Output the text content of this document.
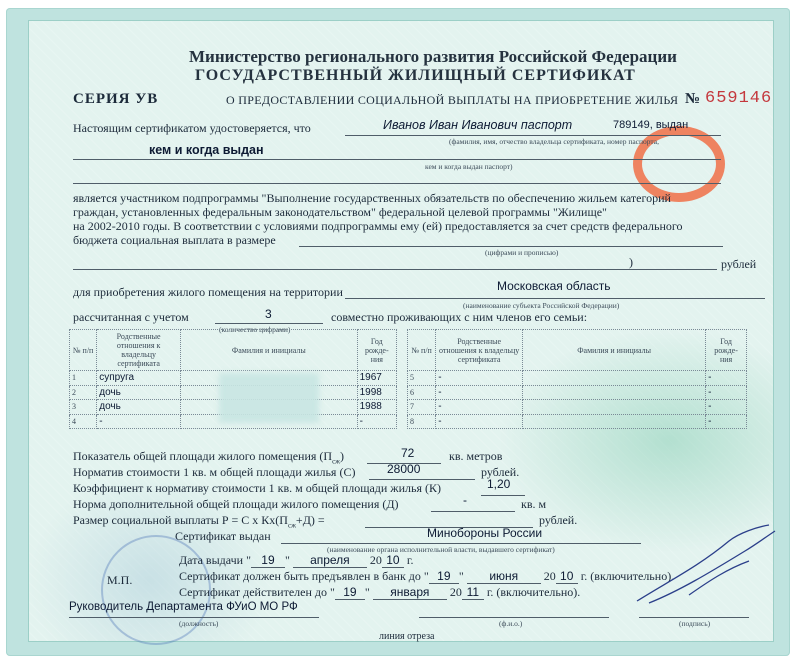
Министерство регионального развития Российской Федерации
ГОСУДАРСТВЕННЫЙ ЖИЛИЩНЫЙ СЕРТИФИКАТ
СЕРИЯ УВ	О ПРЕДОСТАВЛЕНИИ СОЦИАЛЬНОЙ ВЫПЛАТЫ НА ПРИОБРЕТЕНИЕ ЖИЛЬЯ № 659146
Настоящим сертификатом удостоверяется, что	Иванов Иван Иванович паспорт	789149, выдан
(фамилия, имя, отчество владельца сертификата, номер паспорта,
кем и когда выдан
кем и когда выдан паспорт)
является участником подпрограммы "Выполнение государственных обязательств по обеспечению жильем категорий
граждан, установленных федеральным законодательством" федеральной целевой программы "Жилище"
на 2002-2010 годы. В соответствии с условиями подпрограммы ему (ей) предоставляется за счет средств федерального
бюджета социальная выплата в размере
(цифрами и прописью)
)	рублей
для приобретения жилого помещения на территории	Московская область
(наименование субъекта Российской Федерации)
рассчитанная с учетом	3
(количество цифрами)
совместно проживающих с ним членов его семьи:
№ п/п	Родственные отношения к владельцу сертификата	Фамилия и инициалы	Год рожде-ния
1	супруга		1967
2	дочь		1998
3	дочь		1988
4	-		-
№ п/п	Родственные отношения к владельцу сертификата	Фамилия и инициалы	Год рожде-ния
5	-		-
6	-		-
7	-		-
8	-		-
Показатель общей площади жилого помещения $(П_{сж})$	72	кв. метров
Норматив стоимости 1 кв. м общей площади жилья (С)	28000	рублей.
Коэффициент к нормативу стоимости 1 кв. м общей площади жилья (К)	1,20
Норма дополнительной общей площади жилого помещения (Д)	-	кв. м
Размер социальной выплаты Р = С х $Кх(П_{сж}+Д)$ =	рублей.
Сертификат выдан	Минобороны России
(наименование органа исполнительной власти, выдавшего сертификат)
Дата выдачи " 19 " апреля 20 10 г.
М.П.	Сертификат должен быть предъявлен в банк до " 19 " июня 20 10 г. (включительно).
Сертификат действителен до " 19 " января 20 11 г. (включительно).
Руководитель Департамента ФУиО МО РФ
(должность)	(ф.и.о.)	(подпись)
линия отреза
